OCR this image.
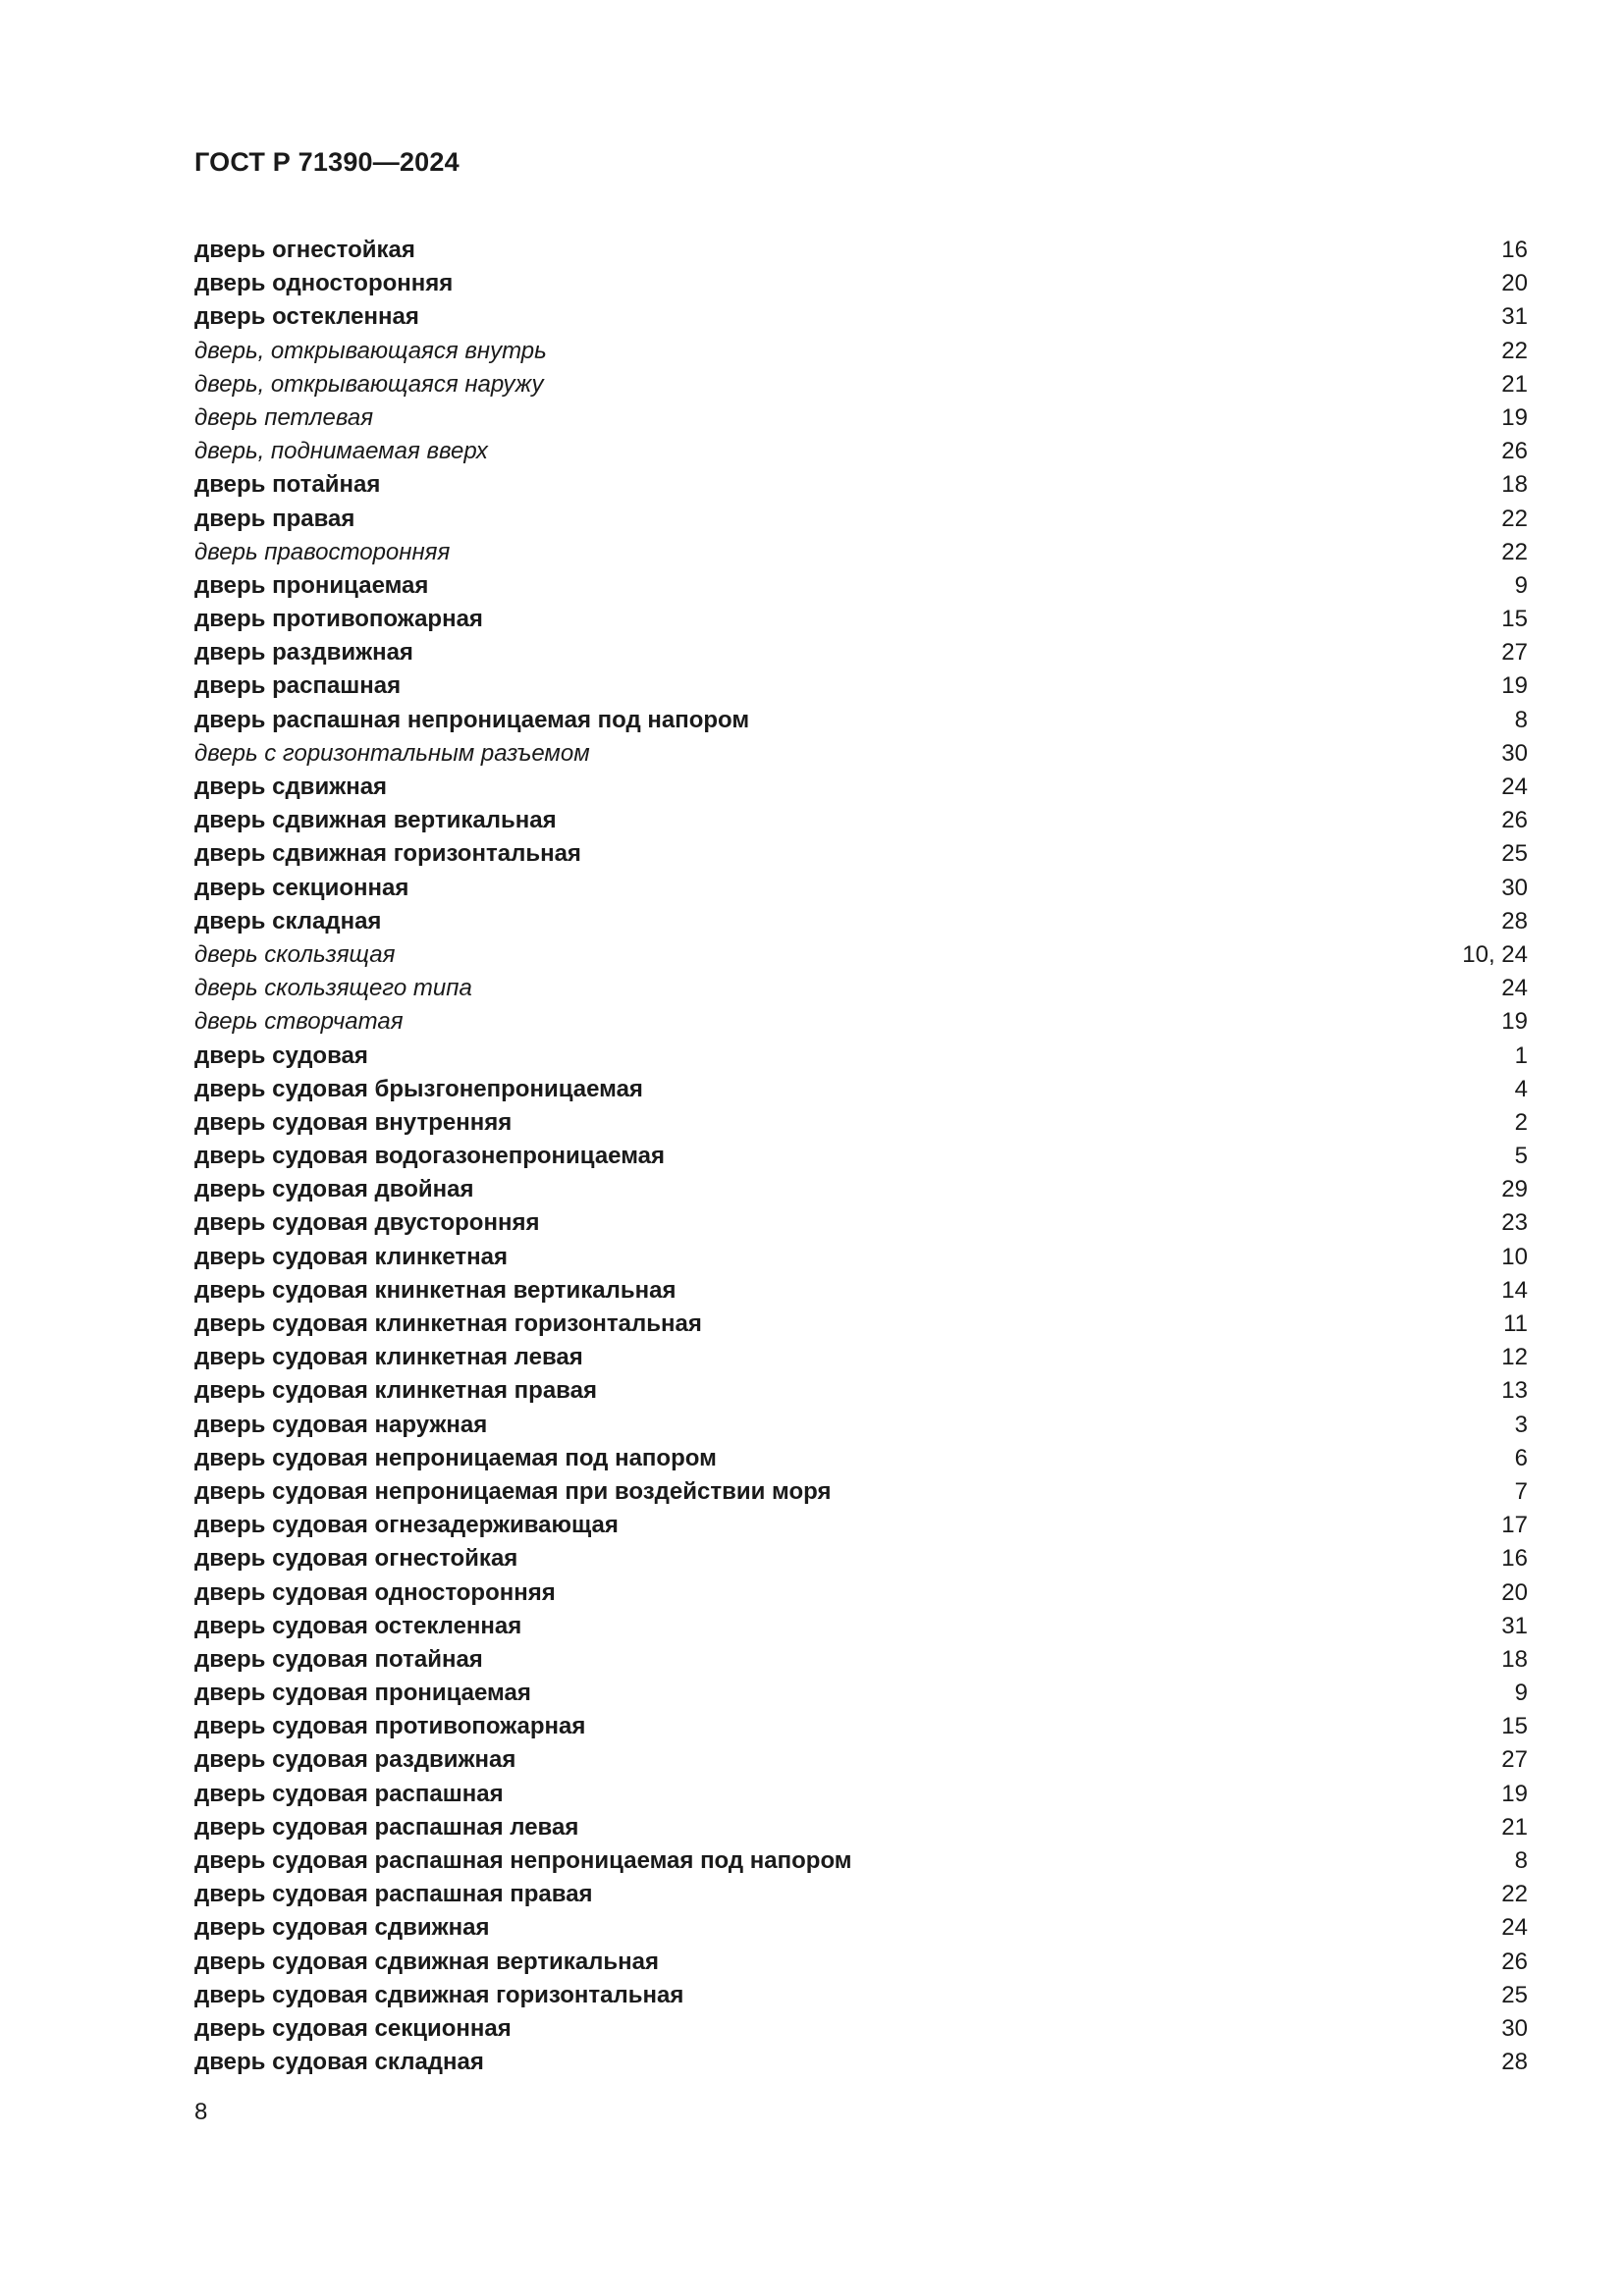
ГОСТ Р 71390—2024
дверь огнестойкая	16
дверь односторонняя	20
дверь остекленная	31
дверь, открывающаяся внутрь	22
дверь, открывающаяся наружу	21
дверь петлевая	19
дверь, поднимаемая вверх	26
дверь потайная	18
дверь правая	22
дверь правосторонняя	22
дверь проницаемая	9
дверь противопожарная	15
дверь раздвижная	27
дверь распашная	19
дверь распашная непроницаемая под напором	8
дверь с горизонтальным разъемом	30
дверь сдвижная	24
дверь сдвижная вертикальная	26
дверь сдвижная горизонтальная	25
дверь секционная	30
дверь складная	28
дверь скользящая	10, 24
дверь скользящего типа	24
дверь створчатая	19
дверь судовая	1
дверь судовая брызгонепроницаемая	4
дверь судовая внутренняя	2
дверь судовая водогазонепроницаемая	5
дверь судовая двойная	29
дверь судовая двусторонняя	23
дверь судовая клинкетная	10
дверь судовая книнкетная вертикальная	14
дверь судовая клинкетная горизонтальная	11
дверь судовая клинкетная левая	12
дверь судовая клинкетная правая	13
дверь судовая наружная	3
дверь судовая непроницаемая под напором	6
дверь судовая непроницаемая при воздействии моря	7
дверь судовая огнезадерживающая	17
дверь судовая огнестойкая	16
дверь судовая односторонняя	20
дверь судовая остекленная	31
дверь судовая потайная	18
дверь судовая проницаемая	9
дверь судовая противопожарная	15
дверь судовая раздвижная	27
дверь судовая распашная	19
дверь судовая распашная левая	21
дверь судовая распашная непроницаемая под напором	8
дверь судовая распашная правая	22
дверь судовая сдвижная	24
дверь судовая сдвижная вертикальная	26
дверь судовая сдвижная горизонтальная	25
дверь судовая секционная	30
дверь судовая складная	28
8
